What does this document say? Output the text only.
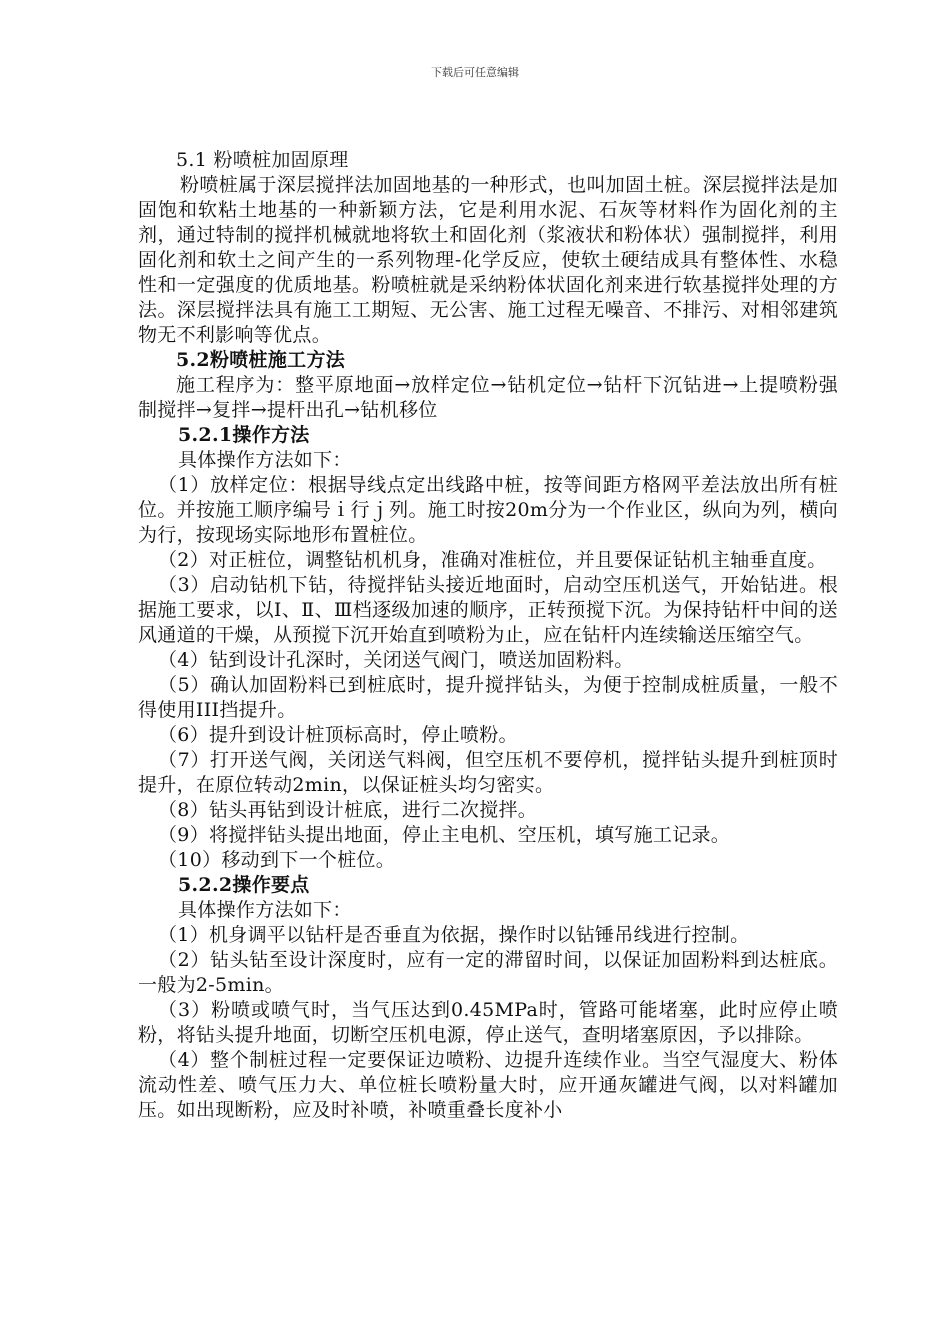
下载后可任意编辑

5.1 粉喷桩加固原理

粉喷桩属于深层搅拌法加固地基的一种形式，也叫加固土桩。深层搅拌法是加固饱和软粘土地基的一种新颖方法，它是利用水泥、石灰等材料作为固化剂的主剂，通过特制的搅拌机械就地将软土和固化剂（浆液状和粉体状）强制搅拌，利用固化剂和软土之间产生的一系列物理-化学反应，使软土硬结成具有整体性、水稳性和一定强度的优质地基。粉喷桩就是采纳粉体状固化剂来进行软基搅拌处理的方法。深层搅拌法具有施工工期短、无公害、施工过程无噪音、不排污、对相邻建筑物无不利影响等优点。

5.2粉喷桩施工方法

施工程序为：整平原地面→放样定位→钻机定位→钻杆下沉钻进→上提喷粉强制搅拌→复拌→提杆出孔→钻机移位

5.2.1操作方法

具体操作方法如下：

（1）放样定位：根据导线点定出线路中桩，按等间距方格网平差法放出所有桩位。并按施工顺序编号ｉ行ｊ列。施工时按20m分为一个作业区，纵向为列，横向为行，按现场实际地形布置桩位。

（2）对正桩位，调整钻机机身，准确对准桩位，并且要保证钻机主轴垂直度。

（3）启动钻机下钻，待搅拌钻头接近地面时，启动空压机送气，开始钻进。根据施工要求，以Ⅰ、Ⅱ、Ⅲ档逐级加速的顺序，正转预搅下沉。为保持钻杆中间的送风通道的干燥，从预搅下沉开始直到喷粉为止，应在钻杆内连续输送压缩空气。

（4）钻到设计孔深时，关闭送气阀门，喷送加固粉料。

（5）确认加固粉料已到桩底时，提升搅拌钻头，为便于控制成桩质量，一般不得使用III挡提升。

（6）提升到设计桩顶标高时，停止喷粉。

（7）打开送气阀，关闭送气料阀，但空压机不要停机，搅拌钻头提升到桩顶时提升，在原位转动2min，以保证桩头均匀密实。

（8）钻头再钻到设计桩底，进行二次搅拌。

（9）将搅拌钻头提出地面，停止主电机、空压机，填写施工记录。

（10）移动到下一个桩位。

5.2.2操作要点

具体操作方法如下：

（1）机身调平以钻杆是否垂直为依据，操作时以钻锤吊线进行控制。

（2）钻头钻至设计深度时，应有一定的滞留时间，以保证加固粉料到达桩底。一般为2-5min。

（3）粉喷或喷气时，当气压达到0.45MPa时，管路可能堵塞，此时应停止喷粉，将钻头提升地面，切断空压机电源，停止送气，查明堵塞原因，予以排除。

（4）整个制桩过程一定要保证边喷粉、边提升连续作业。当空气湿度大、粉体流动性差、喷气压力大、单位桩长喷粉量大时，应开通灰罐进气阀，以对料罐加压。如出现断粉，应及时补喷，补喷重叠长度补小
